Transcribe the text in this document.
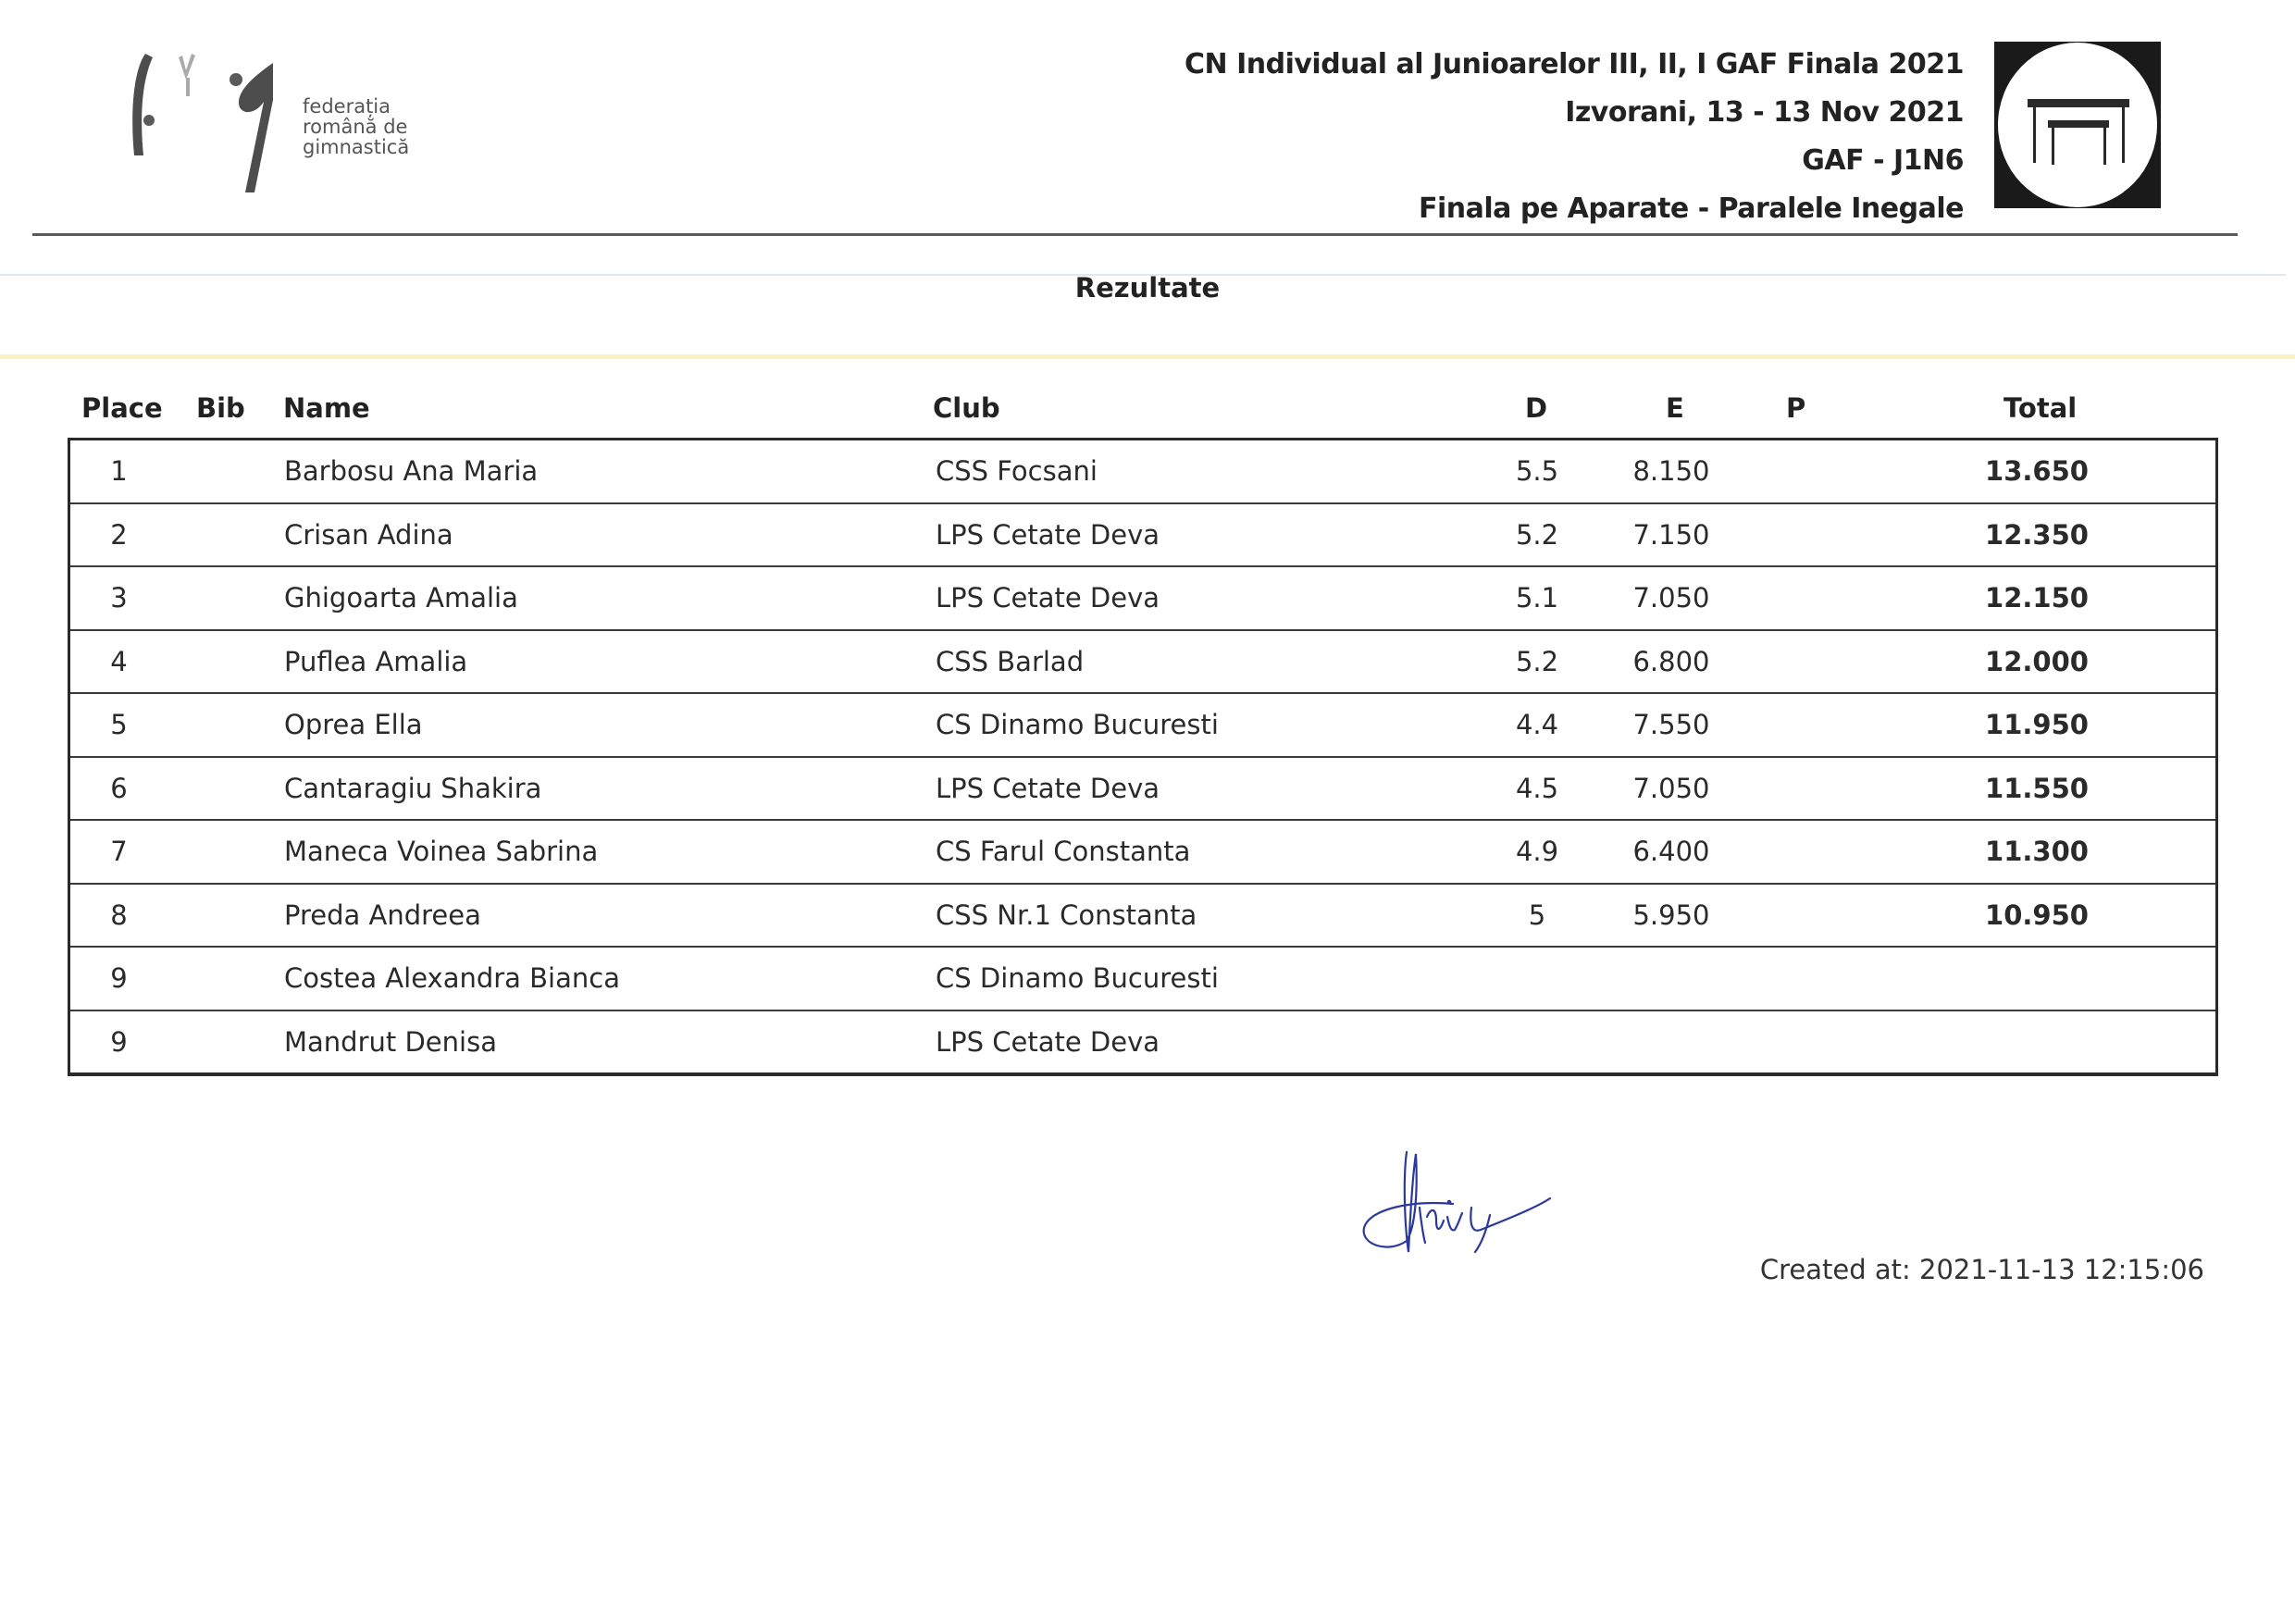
federația
română de
gimnastică
CN Individual al Junioarelor III, II, I GAF Finala 2021
Izvorani, 13 - 13 Nov 2021
GAF - J1N6
Finala pe Aparate - Paralele Inegale
Rezultate
Place Bib Name	Club	D	E	P	Total
1	Barbosu Ana Maria	CSS Focsani	5.5	8.150	13.650
2	Crisan Adina	LPS Cetate Deva	5.2	7.150	12.350
3	Ghigoarta Amalia	LPS Cetate Deva	5.1	7.050	12.150
4	Puflea Amalia	CSS Barlad	5.2	6.800	12.000
5	Oprea Ella	CS Dinamo Bucuresti	4.4	7.550	11.950
6	Cantaragiu Shakira	LPS Cetate Deva	4.5	7.050	11.550
7	Maneca Voinea Sabrina	CS Farul Constanta	4.9	6.400	11.300
8	Preda Andreea	CSS Nr.1 Constanta	5	5.950	10.950
9	Costea Alexandra Bianca	CS Dinamo Bucuresti
9	Mandrut Denisa	LPS Cetate Deva
Created at: 2021-11-13 12:15:06
